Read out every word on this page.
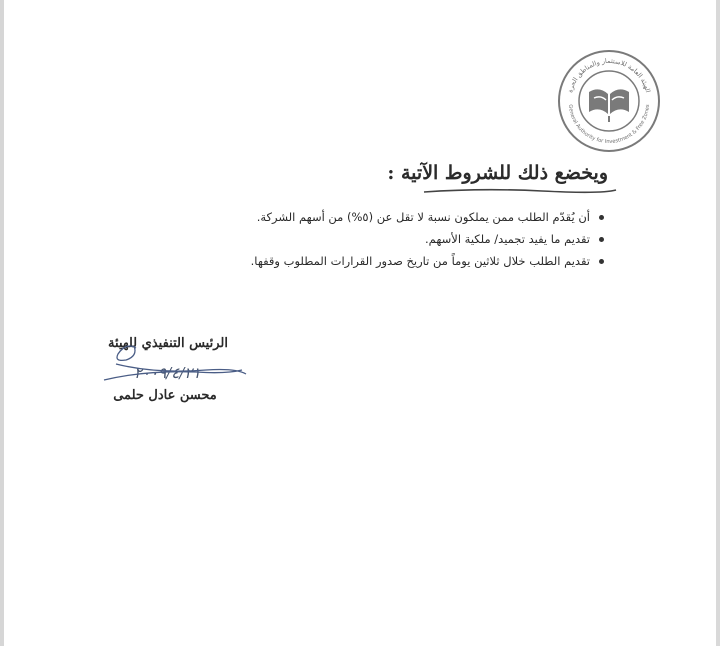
الهيئة العامة للاستثمار والمناطق الحرة
General Authority for Investment & Free Zones
ويخضع ذلك للشروط الآتية :
أن يُقدّم الطلب ممن يملكون نسبة لا تقل عن (٥%) من أسهم الشركة.
تقديم ما يفيد تجميد/ ملكية الأسهم.
تقديم الطلب خلال ثلاثين يوماً من تاريخ صدور القرارات المطلوب وقفها.
الرئيس التنفيذي للهيئة
٢٠٠٩/٤/٢١
محسن عادل حلمى
